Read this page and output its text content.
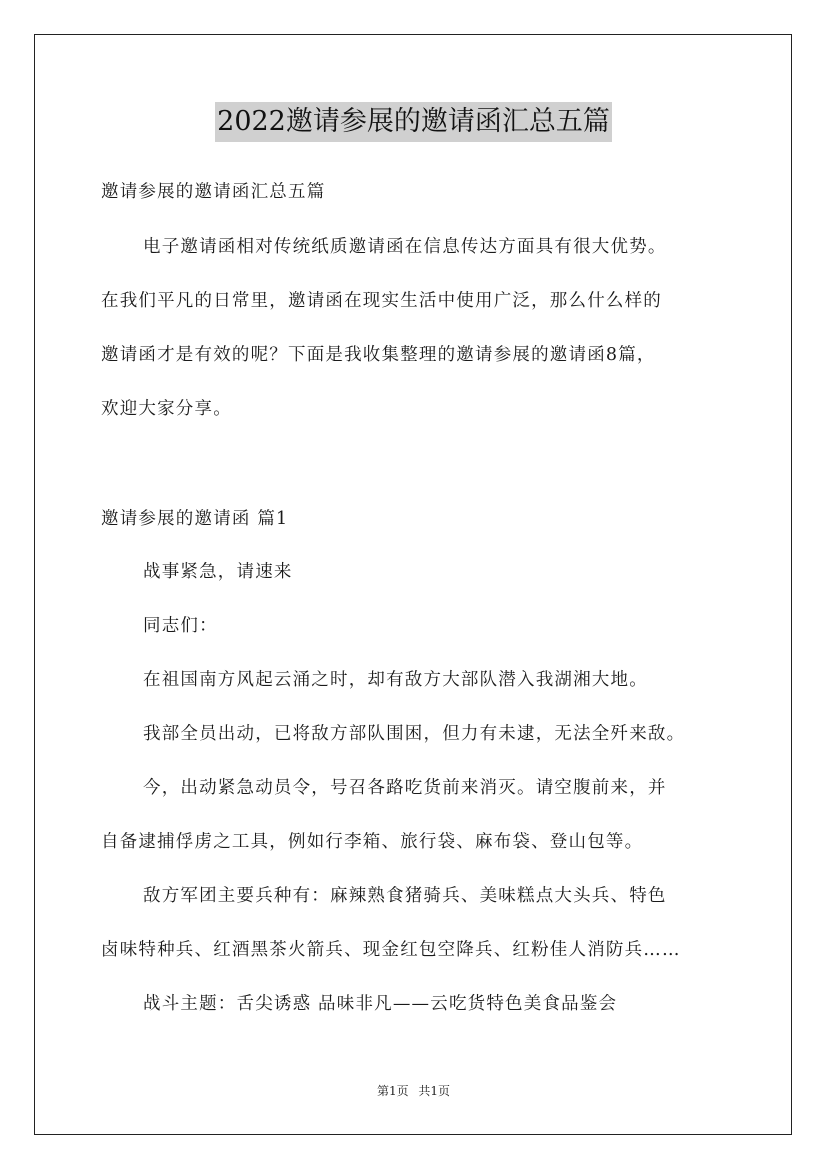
2022邀请参展的邀请函汇总五篇
邀请参展的邀请函汇总五篇
电子邀请函相对传统纸质邀请函在信息传达方面具有很大优势。
在我们平凡的日常里，邀请函在现实生活中使用广泛，那么什么样的
邀请函才是有效的呢？下面是我收集整理的邀请参展的邀请函8篇，
欢迎大家分享。
邀请参展的邀请函 篇1
战事紧急，请速来
同志们：
在祖国南方风起云涌之时，却有敌方大部队潜入我湖湘大地。
我部全员出动，已将敌方部队围困，但力有未逮，无法全歼来敌。
今，出动紧急动员令，号召各路吃货前来消灭。请空腹前来，并
自备逮捕俘虏之工具，例如行李箱、旅行袋、麻布袋、登山包等。
敌方军团主要兵种有：麻辣熟食猪骑兵、美味糕点大头兵、特色
卤味特种兵、红酒黑茶火箭兵、现金红包空降兵、红粉佳人消防兵……
战斗主题：舌尖诱惑 品味非凡——云吃货特色美食品鉴会
第1页 共1页
